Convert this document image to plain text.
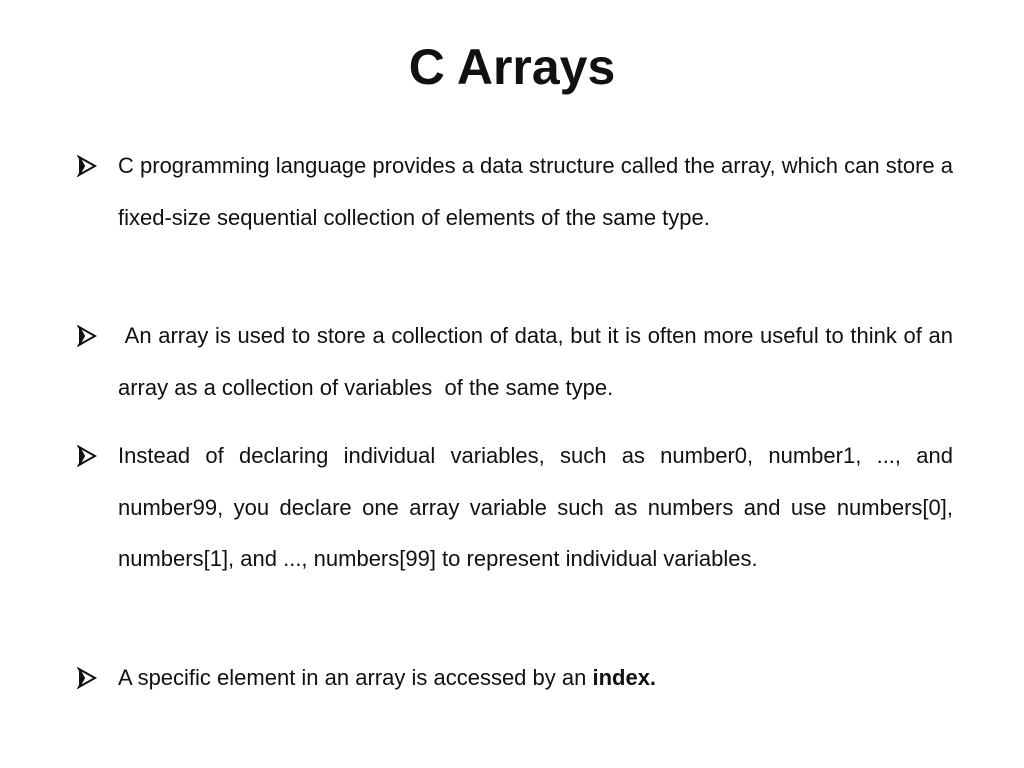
C Arrays

C programming language provides a data structure called the array, which can store a fixed-size sequential collection of elements of the same type.

An array is used to store a collection of data, but it is often more useful to think of an array as a collection of variables  of the same type.

Instead of declaring individual variables, such as number0, number1, ..., and number99, you declare one array variable such as numbers and use numbers[0], numbers[1], and ..., numbers[99] to represent individual variables.

A specific element in an array is accessed by an index.
